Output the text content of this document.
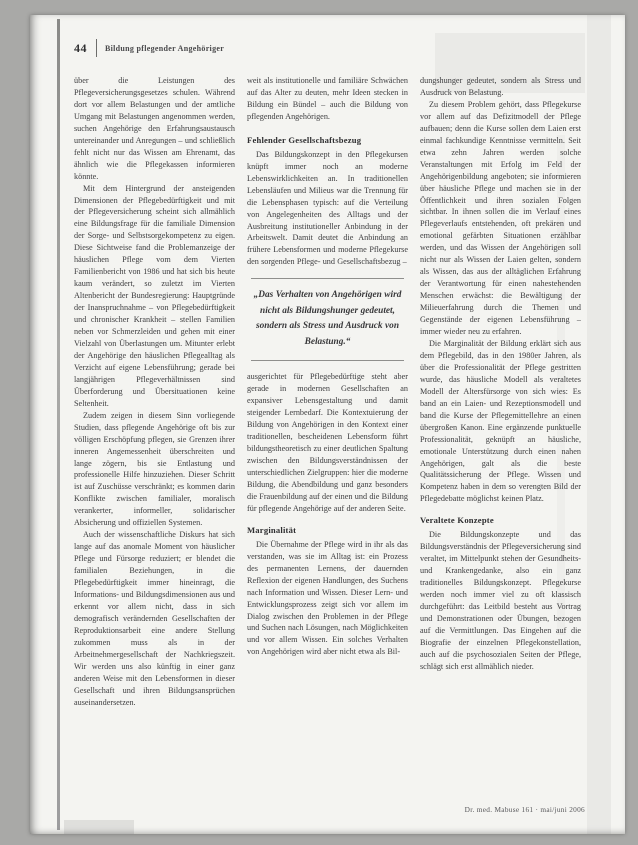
44 Bildung pflegender Angehöriger

über die Leistungen des Pflegeversicherungsgesetzes schulen. Während dort vor allem Belastungen und der amtliche Umgang mit Belastungen angenommen werden, suchen Angehörige den Erfahrungsaustausch untereinander und Anregungen – und schließlich fehlt nicht nur das Wissen am Ehrenamt, das ähnlich wie die Pflegekassen informieren könnte.

Mit dem Hintergrund der ansteigenden Dimensionen der Pflegebedürftigkeit und mit der Pflegeversicherung scheint sich allmählich eine Bildungsfrage für die familiale Dimension der Sorge- und Selbstsorgekompetenz zu eigen. Diese Sichtweise fand die Problemanzeige der häuslichen Pflege vom dem Vierten Familienbericht von 1986 und hat sich bis heute kaum verändert, so zuletzt im Vierten Altenbericht der Bundesregierung: Hauptgründe der Inanspruchnahme – von Pflegebedürftigkeit und chronischer Krankheit – stellen Familien neben vor Schmerzleiden und gehen mit einer Vielzahl von Überlastungen um. Mitunter erlebt der Angehörige den häuslichen Pflegealltag als Verzicht auf eigene Lebensführung; gerade bei langjährigen Pflegeverhältnissen sind Überforderung und Übersituationen keine Seltenheit.

Zudem zeigen in diesem Sinn vorliegende Studien, dass pflegende Angehörige oft bis zur völligen Erschöpfung pflegen, sie Grenzen ihrer inneren Angemessenheit überschreiten und lange zögern, bis sie Entlastung und professionelle Hilfe hinzuziehen. Dieser Schritt ist auf Zuschüsse verschränkt; es kommen darin Konflikte zwischen familialer, moralisch verankerter, informeller, solidarischer Absicherung und offiziellen Systemen.

Auch der wissenschaftliche Diskurs hat sich lange auf das anomale Moment von häuslicher Pflege und Fürsorge reduziert; er blendet die familialen Beziehungen, in die Pflegebedürftigkeit immer hineinragt, die Informations- und Bildungsdimensionen aus und erkennt vor allem nicht, dass in sich demografisch verändernden Gesellschaften der Reproduktionsarbeit eine andere Stellung zukommen muss als in der Arbeitnehmergesellschaft der Nachkriegszeit. Wir werden uns also künftig in einer ganz anderen Weise mit den Lebensformen in dieser Gesellschaft und ihren Bildungsansprüchen auseinandersetzen.

weit als institutionelle und familiäre Schwächen auf das Alter zu deuten, mehr Ideen stecken in Bildung ein Bündel – auch die Bildung von pflegenden Angehörigen.

Fehlender Gesellschaftsbezug

Das Bildungskonzept in den Pflegekursen knüpft immer noch an moderne Lebenswirklichkeiten an. In traditionellen Lebensläufen und Milieus war die Trennung für die Lebensphasen typisch: auf die Verteilung von Angelegenheiten des Alltags und der Ausbreitung institutioneller Anbindung in der Arbeitswelt. Damit deutet die Anbindung an frühere Lebensformen und moderne Pflegekurse den sorgenden Pflege- und Gesellschaftsbezug –

„Das Verhalten von Angehörigen wird nicht als Bildungshunger gedeutet, sondern als Stress und Ausdruck von Belastung.“

ausgerichtet für Pflegebedürftige steht aber gerade in modernen Gesellschaften an expansiver Lebensgestaltung und damit steigender Lernbedarf. Die Kontextuierung der Bildung von Angehörigen in den Kontext einer traditionellen, bescheidenen Lebensform führt bildungstheoretisch zu einer deutlichen Spaltung zwischen den Bildungsverständnissen der unterschiedlichen Zielgruppen: hier die moderne Bildung, die Abendbildung und ganz besonders die Frauenbildung auf der einen und die Bildung für pflegende Angehörige auf der anderen Seite.

Marginalität

Die Übernahme der Pflege wird in ihr als das verstanden, was sie im Alltag ist: ein Prozess des permanenten Lernens, der dauernden Reflexion der eigenen Handlungen, des Suchens nach Information und Wissen. Dieser Lern- und Entwicklungsprozess zeigt sich vor allem im Dialog zwischen den Problemen in der Pflege und Suchen nach Lösungen, nach Möglichkeiten und vor allem Wissen. Ein solches Verhalten von Angehörigen wird aber nicht etwa als Bil-

dungshunger gedeutet, sondern als Stress und Ausdruck von Belastung.

Zu diesem Problem gehört, dass Pflegekurse vor allem auf das Defizitmodell der Pflege aufbauen; denn die Kurse sollen dem Laien erst einmal fachkundige Kenntnisse vermitteln. Seit etwa zehn Jahren werden solche Veranstaltungen mit Erfolg im Feld der Angehörigenbildung angeboten; sie informieren über häusliche Pflege und machen sie in der Öffentlichkeit und ihren sozialen Folgen sichtbar. In ihnen sollen die im Verlauf eines Pflegeverlaufs entstehenden, oft prekären und emotional gefärbten Situationen erzählbar werden, und das Wissen der Angehörigen soll nicht nur als Wissen der Laien gelten, sondern als Wissen, das aus der alltäglichen Erfahrung der Verantwortung für einen nahestehenden Menschen erwächst: die Bewältigung der Milieuerfahrung durch die Themen und Gegenstände der eigenen Lebensführung – immer wieder neu zu erfahren.

Die Marginalität der Bildung erklärt sich aus dem Pflegebild, das in den 1980er Jahren, als über die Professionalität der Pflege gestritten wurde, das häusliche Modell als veraltetes Modell der Altersfürsorge von sich wies: Es band an ein Laien- und Rezeptionsmodell und band die Kurse der Pflegemittellehre an einen übergroßen Kanon. Eine ergänzende punktuelle Professionalität, geknüpft an häusliche, emotionale Unterstützung durch einen nahen Angehörigen, galt als die beste Qualitätssicherung der Pflege. Wissen und Kompetenz haben in dem so verengten Bild der Pflegedebatte möglichst keinen Platz.

Veraltete Konzepte

Die Bildungskonzepte und das Bildungsverständnis der Pflegeversicherung sind veraltet, im Mittelpunkt stehen der Gesundheits- und Krankengedanke, also ein ganz traditionelles Bildungskonzept. Pflegekurse werden noch immer viel zu oft klassisch durchgeführt: das Leitbild besteht aus Vortrag und Demonstrationen oder Übungen, bezogen auf die Vermittlungen. Das Eingehen auf die Biografie der einzelnen Pflegekonstellation, auch auf die psychosozialen Seiten der Pflege, schlägt sich erst allmählich nieder.

Dr. med. Mabuse 161 · mai/juni 2006
